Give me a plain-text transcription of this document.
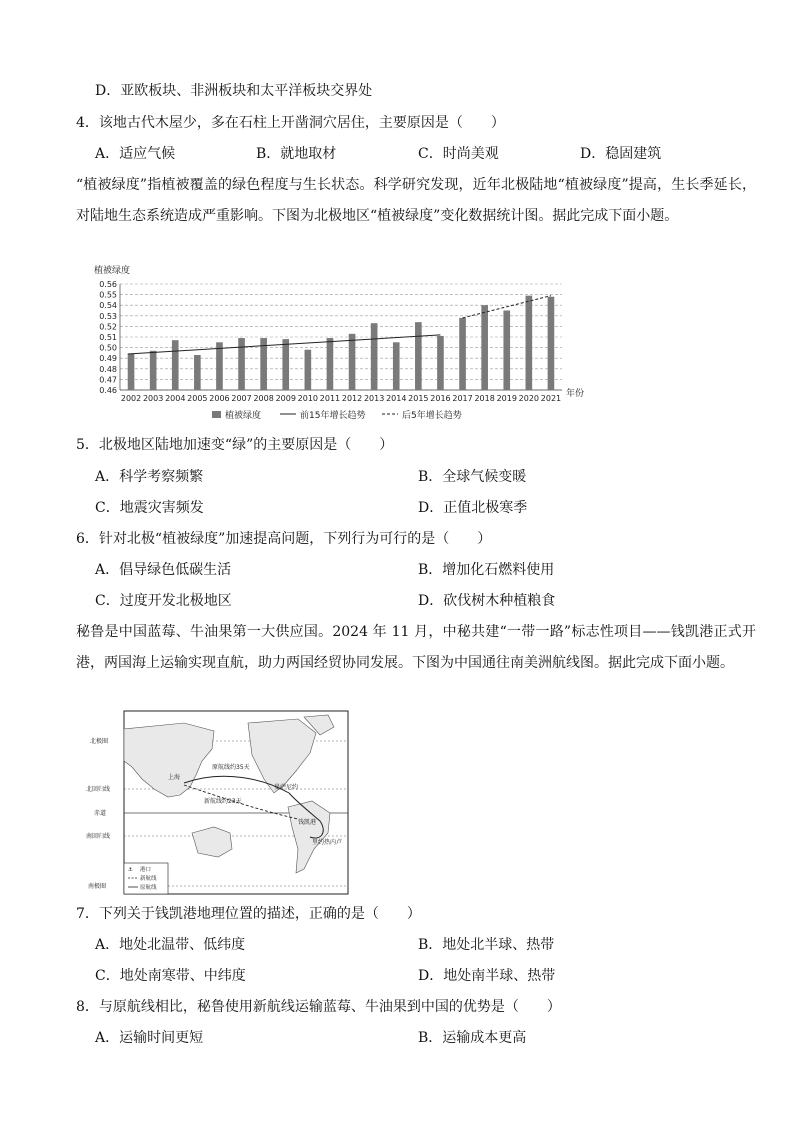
D．亚欧板块、非洲板块和太平洋板块交界处
4．该地古代木屋少，多在石柱上开凿洞穴居住，主要原因是（　　）
A．适应气候	B．就地取材	C．时尚美观	D．稳固建筑
“植被绿度”指植被覆盖的绿色程度与生长状态。科学研究发现，近年北极陆地“植被绿度”提高，生长季延长，对陆地生态系统造成严重影响。下图为北极地区“植被绿度”变化数据统计图。据此完成下面小题。
植被绿度
0.46
0.47
0.48
0.49
0.50
0.51
0.52
0.53
0.54
0.55
0.56
2002 2003 2004 2005 2006 2007 2008 2009 2010 2011 2012 2013 2014 2015 2016 2017 2018 2019 2020 2021 年份
植被绿度	前15年增长趋势	后5年增长趋势
5．北极地区陆地加速变“绿”的主要原因是（　　）
A．科学考察频繁	B．全球气候变暖
C．地震灾害频发	D．正值北极寒季
6．针对北极“植被绿度”加速提高问题，下列行为可行的是（　　）
A．倡导绿色低碳生活	B．增加化石燃料使用
C．过度开发北极地区	D．砍伐树木种植粮食
秘鲁是中国蓝莓、牛油果第一大供应国。2024 年 11 月，中秘共建“一带一路”标志性项目——钱凯港正式开港，两国海上运输实现直航，助力两国经贸协同发展。下图为中国通往南美洲航线图。据此完成下面小题。
北极圈
北回归线
赤道
南回归线
南极圈
原航线约35天
新航线约23天
上海
钱凯港
曼萨尼约
里约热内卢
⚓ 港口
新航线
原航线
7．下列关于钱凯港地理位置的描述，正确的是（　　）
A．地处北温带、低纬度	B．地处北半球、热带
C．地处南寒带、中纬度	D．地处南半球、热带
8．与原航线相比，秘鲁使用新航线运输蓝莓、牛油果到中国的优势是（　　）
A．运输时间更短	B．运输成本更高
